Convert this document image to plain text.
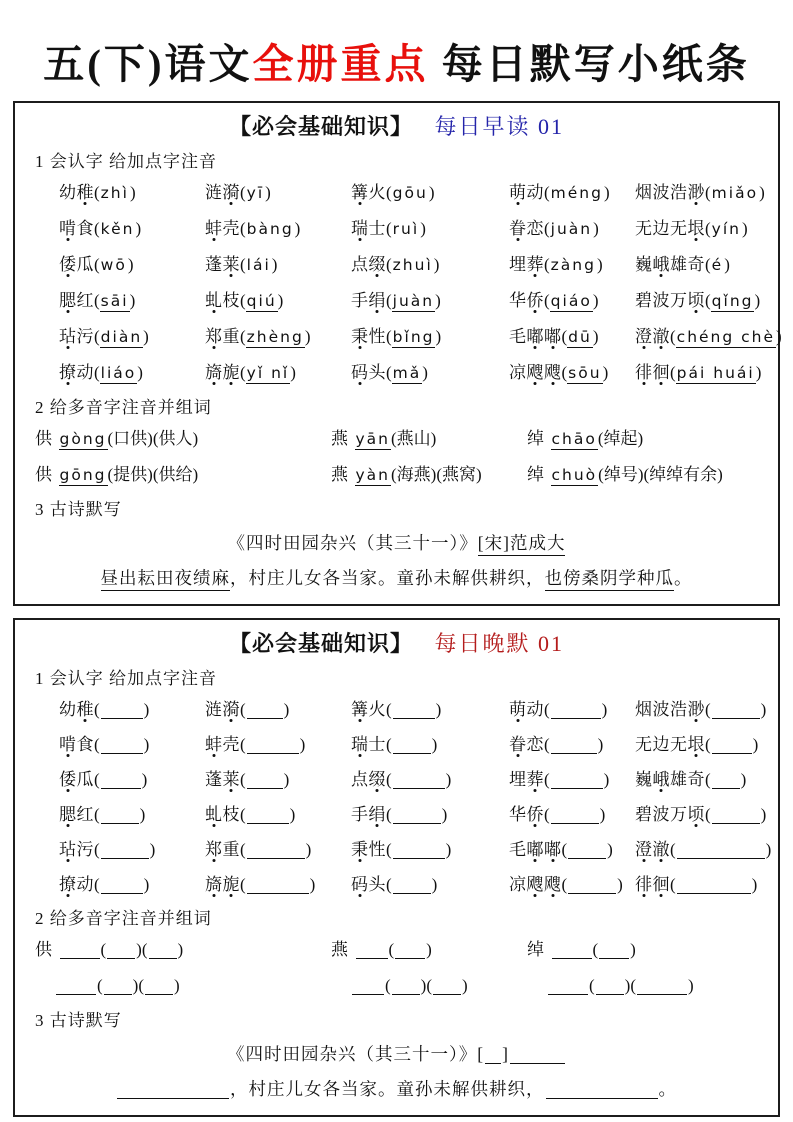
五(下)语文全册重点 每日默写小纸条
【必会基础知识】 每日早读 01
1 会认字 给加点字注音
幼稚(zhì)	涟漪(yī)	篝火(gōu)	萌动(méng)	烟波浩渺(miǎo)
啃食(kěn)	蚌壳(bàng)	瑞士(ruì)	眷恋(juàn)	无边无垠(yín)
倭瓜(wō)	蓬莱(lái)	点缀(zhuì)	埋葬(zàng)	巍峨雄奇(é)
腮红(sāi)	虬枝(qiú)	手绢(juàn)	华侨(qiáo)	碧波万顷(qǐng)
玷污(diàn)	郑重(zhèng)	秉性(bǐng)	毛嘟嘟(dū)	澄澈(chéng chè)
撩动(liáo)	旖旎(yǐ nǐ)	码头(mǎ)	凉飕飕(sōu)	徘徊(pái huái)
2 给多音字注音并组词
供 gòng(口供)(供人)	燕 yān(燕山)	绰 chāo(绰起)
供 gōng(提供)(供给)	燕 yàn(海燕)(燕窝)	绰 chuò(绰号)(绰绰有余)
3 古诗默写
《四时田园杂兴（其三十一）》[宋]范成大
昼出耘田夜绩麻，村庄儿女各当家。童孙未解供耕织，也傍桑阴学种瓜。
【必会基础知识】 每日晚默 01
1 会认字 给加点字注音
幼稚(	)	涟漪( )	篝火(	)	萌动(	)	烟波浩渺(	)
啃食(	)	蚌壳(	)	瑞士( )	眷恋(	)	无边无垠( )
倭瓜( )	蓬莱( )	点缀(	)	埋葬(	)	巍峨雄奇( )
腮红( )	虬枝(	)	手绢(	)	华侨(	)	碧波万顷(	)
玷污(	)	郑重(	)	秉性(	)	毛嘟嘟( )	澄澈(	)
撩动(	)	旖旎(	)	码头( )	凉飕飕(	) 徘徊(	)
2 给多音字注音并组词
供	( )( )	燕 ( )	绰	( )
( )( )	( )( )	( )(	)
3 古诗默写
《四时田园杂兴（其三十一）》[ ]
，村庄儿女各当家。童孙未解供耕织，	。
